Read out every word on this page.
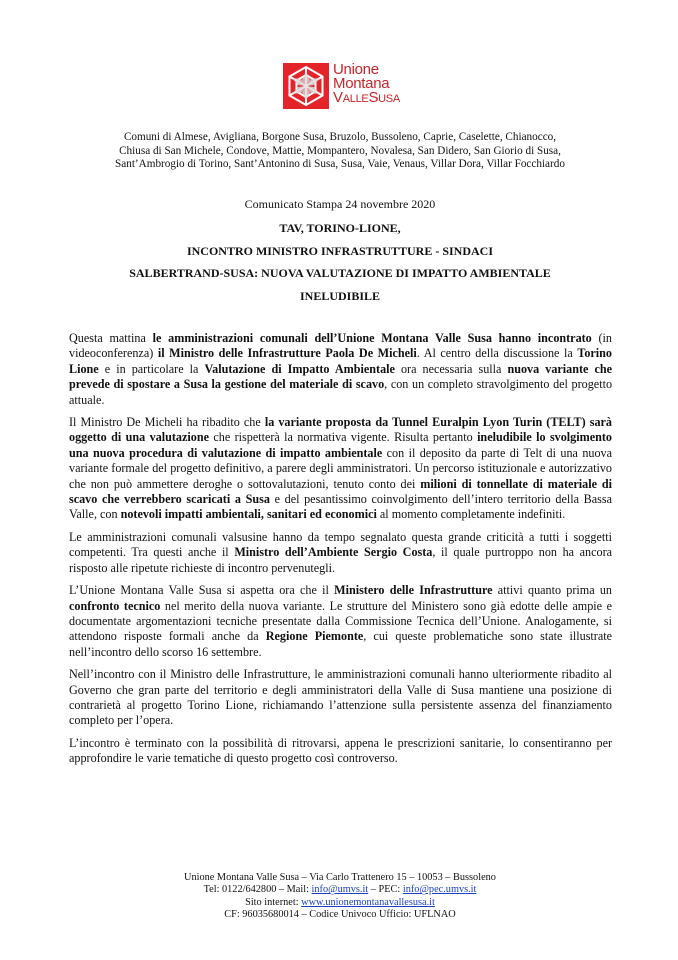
Unione
Montana
VALLESUSA
Comuni di Almese, Avigliana, Borgone Susa, Bruzolo, Bussoleno, Caprie, Caselette, Chianocco,
Chiusa di San Michele, Condove, Mattie, Mompantero, Novalesa, San Didero, San Giorio di Susa,
Sant’Ambrogio di Torino, Sant’Antonino di Susa, Susa, Vaie, Venaus, Villar Dora, Villar Focchiardo
Comunicato Stampa 24 novembre 2020
TAV, TORINO-LIONE,
INCONTRO MINISTRO INFRASTRUTTURE - SINDACI
SALBERTRAND-SUSA: NUOVA VALUTAZIONE DI IMPATTO AMBIENTALE
INELUDIBILE

Questa mattina le amministrazioni comunali dell’Unione Montana Valle Susa hanno incontrato (in videoconferenza) il Ministro delle Infrastrutture Paola De Micheli. Al centro della discussione la Torino Lione e in particolare la Valutazione di Impatto Ambientale ora necessaria sulla nuova variante che prevede di spostare a Susa la gestione del materiale di scavo, con un completo stravolgimento del progetto attuale.

Il Ministro De Micheli ha ribadito che la variante proposta da Tunnel Euralpin Lyon Turin (TELT) sarà oggetto di una valutazione che rispetterà la normativa vigente. Risulta pertanto ineludibile lo svolgimento una nuova procedura di valutazione di impatto ambientale con il deposito da parte di Telt di una nuova variante formale del progetto definitivo, a parere degli amministratori. Un percorso istituzionale e autorizzativo che non può ammettere deroghe o sottovalutazioni, tenuto conto dei milioni di tonnellate di materiale di scavo che verrebbero scaricati a Susa e del pesantissimo coinvolgimento dell’intero territorio della Bassa Valle, con notevoli impatti ambientali, sanitari ed economici al momento completamente indefiniti.

Le amministrazioni comunali valsusine hanno da tempo segnalato questa grande criticità a tutti i soggetti competenti. Tra questi anche il Ministro dell’Ambiente Sergio Costa, il quale purtroppo non ha ancora risposto alle ripetute richieste di incontro pervenutegli.

L’Unione Montana Valle Susa si aspetta ora che il Ministero delle Infrastrutture attivi quanto prima un confronto tecnico nel merito della nuova variante. Le strutture del Ministero sono già edotte delle ampie e documentate argomentazioni tecniche presentate dalla Commissione Tecnica dell’Unione. Analogamente, si attendono risposte formali anche da Regione Piemonte, cui queste problematiche sono state illustrate nell’incontro dello scorso 16 settembre.

Nell’incontro con il Ministro delle Infrastrutture, le amministrazioni comunali hanno ulteriormente ribadito al Governo che gran parte del territorio e degli amministratori della Valle di Susa mantiene una posizione di contrarietà al progetto Torino Lione, richiamando l’attenzione sulla persistente assenza del finanziamento completo per l’opera.

L’incontro è terminato con la possibilità di ritrovarsi, appena le prescrizioni sanitarie, lo consentiranno per approfondire le varie tematiche di questo progetto così controverso.

Unione Montana Valle Susa – Via Carlo Trattenero 15 – 10053 – Bussoleno
Tel: 0122/642800 – Mail: info@umvs.it – PEC: info@pec.umvs.it
Sito internet: www.unionemontanavallesusa.it
CF: 96035680014 – Codice Univoco Ufficio: UFLNAO
